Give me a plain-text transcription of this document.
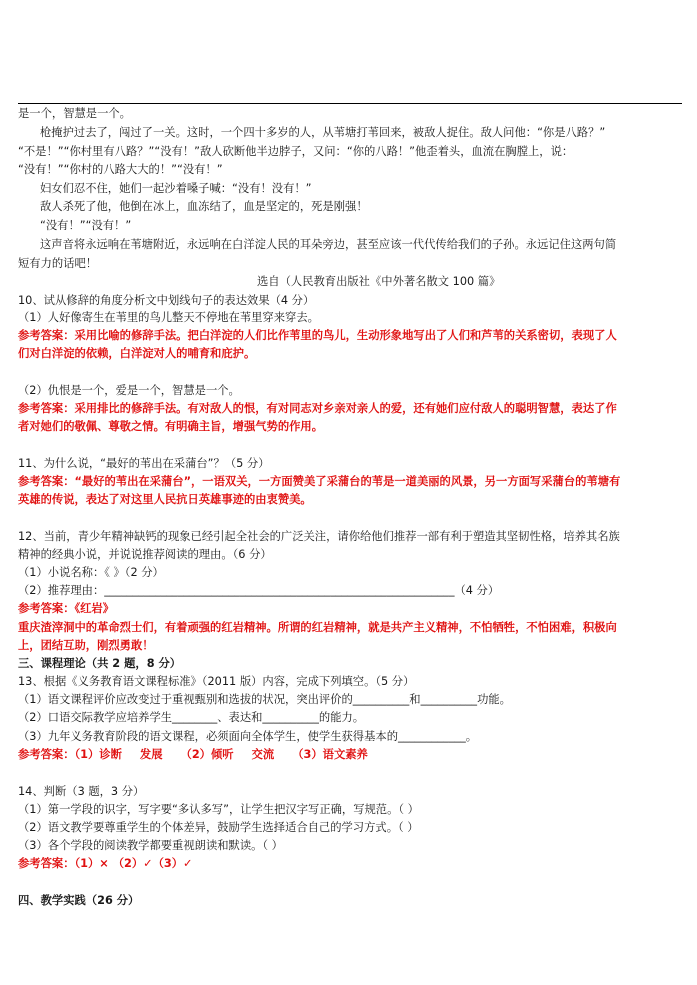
是一个，智慧是一个。
枪掩护过去了，闯过了一关。这时，一个四十多岁的人，从苇塘打苇回来，被敌人捉住。敌人问他：“你是八路？”
“不是！”“你村里有八路？”“没有！”敌人砍断他半边脖子，又问：“你的八路！”他歪着头，血流在胸膛上，说：
“没有！”“你村的八路大大的！”“没有！”
妇女们忍不住，她们一起沙着嗓子喊：“没有！没有！”
敌人杀死了他，他倒在冰上，血冻结了，血是坚定的，死是刚强！
“没有！”“没有！”
这声音将永远响在苇塘附近，永远响在白洋淀人民的耳朵旁边，甚至应该一代代传给我们的子孙。永远记住这两句简
短有力的话吧！
选自（人民教育出版社《中外著名散文 100 篇》
10、试从修辞的角度分析文中划线句子的表达效果（4 分）
（1）人好像寄生在苇里的鸟儿整天不停地在苇里穿来穿去。
参考答案：采用比喻的修辞手法。把白洋淀的人们比作苇里的鸟儿，生动形象地写出了人们和芦苇的关系密切，表现了人
们对白洋淀的依赖，白洋淀对人的哺育和庇护。
（2）仇恨是一个，爱是一个，智慧是一个。
参考答案：采用排比的修辞手法。有对敌人的恨，有对同志对乡亲对亲人的爱，还有她们应付敌人的聪明智慧，表达了作
者对她们的敬佩、尊敬之情。有明确主旨，增强气势的作用。
11、为什么说，“最好的苇出在采蒲台”？（5 分）
参考答案：“最好的苇出在采蒲台”，一语双关，一方面赞美了采蒲台的苇是一道美丽的风景，另一方面写采蒲台的苇塘有
英雄的传说，表达了对这里人民抗日英雄事迹的由衷赞美。
12、当前，青少年精神缺钙的现象已经引起全社会的广泛关注，请你给他们推荐一部有利于塑造其坚韧性格，培养其名族
精神的经典小说，并说说推荐阅读的理由。（6 分）
（1）小说名称：《 》（2 分）
（2）推荐理由：______________________________________________________________（4 分）
参考答案：《红岩》
重庆渣滓洞中的革命烈士们，有着顽强的红岩精神。所谓的红岩精神，就是共产主义精神，不怕牺牲，不怕困难，积极向
上，团结互助，刚烈勇敢！
三、课程理论（共 2 题，8 分）
13、根据《义务教育语文课程标准》（2011 版）内容，完成下列填空。（5 分）
（1）语文课程评价应改变过于重视甄别和选拔的状况，突出评价的__________和__________功能。
（2）口语交际教学应培养学生________、表达和__________的能力。
（3）九年义务教育阶段的语文课程，必须面向全体学生，使学生获得基本的____________。
参考答案：（1）诊断 发展 （2）倾听 交流 （3）语文素养
14、判断（3 题，3 分）
（1）第一学段的识字，写字要“多认多写”，让学生把汉字写正确，写规范。（ ）
（2）语文教学要尊重学生的个体差异，鼓励学生选择适合自己的学习方式。（ ）
（3）各个学段的阅读教学都要重视朗读和默读。（ ）
参考答案：（1）× （2）✓（3）✓
四、教学实践（26 分）
